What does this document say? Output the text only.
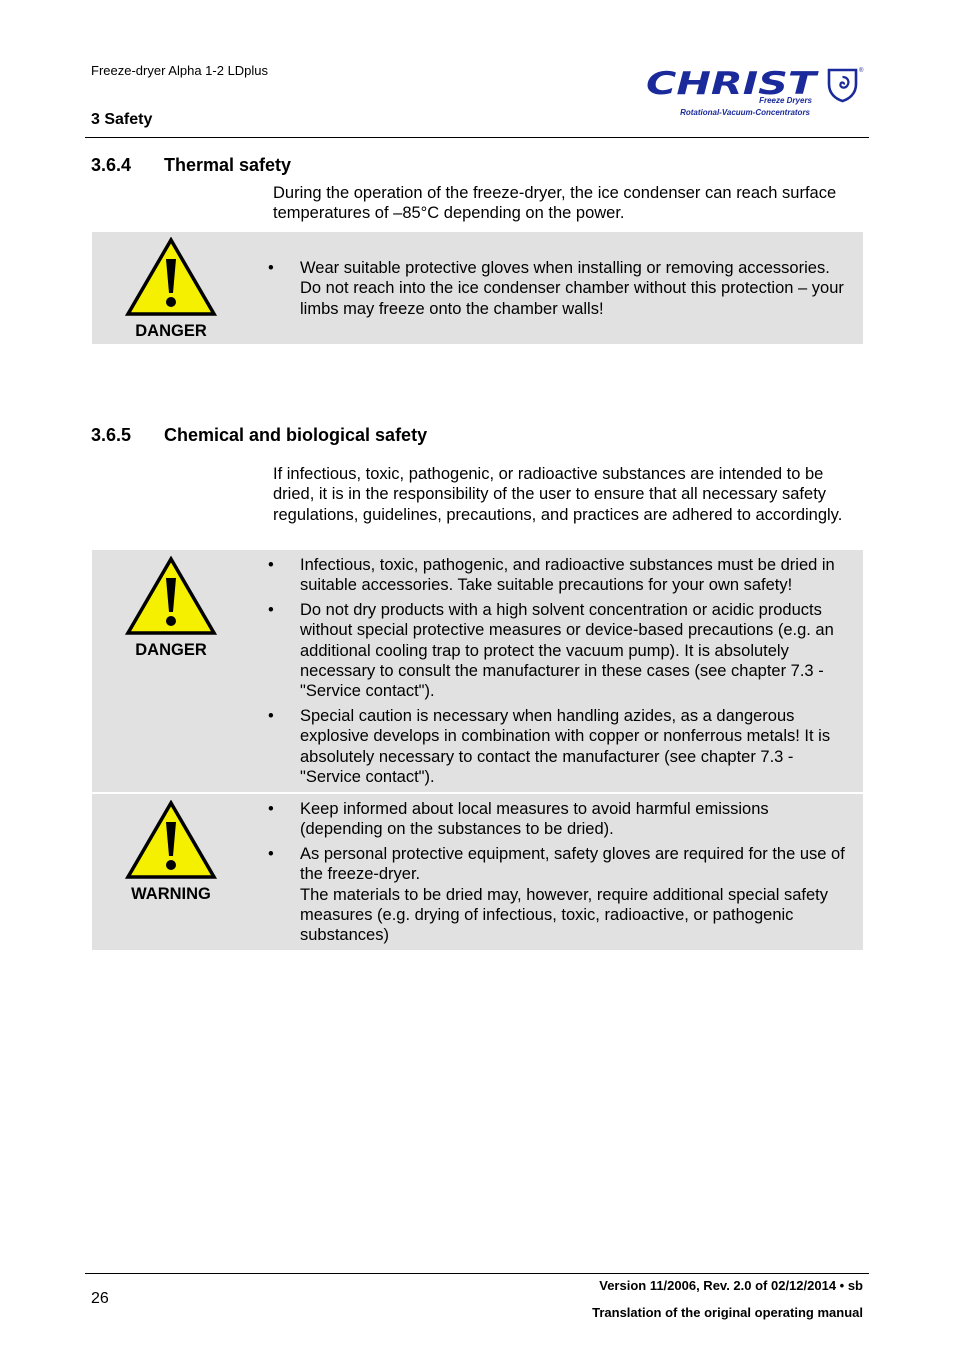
Freeze-dryer Alpha 1-2 LDplus
3 Safety
CHRIST	®
Freeze Dryers
Rotational-Vacuum-Concentrators
3.6.4 Thermal safety
During the operation of the freeze-dryer, the ice condenser can reach surface temperatures of –85°C depending on the power.
DANGER
• Wear suitable protective gloves when installing or removing accessories. Do not reach into the ice condenser chamber without this protection – your limbs may freeze onto the chamber walls!
3.6.5 Chemical and biological safety
If infectious, toxic, pathogenic, or radioactive substances are intended to be dried, it is in the responsibility of the user to ensure that all necessary safety regulations, guidelines, precautions, and practices are adhered to accordingly.
DANGER
• Infectious, toxic, pathogenic, and radioactive substances must be dried in suitable accessories. Take suitable precautions for your own safety!
• Do not dry products with a high solvent concentration or acidic products without special protective measures or device-based precautions (e.g. an additional cooling trap to protect the vacuum pump). It is absolutely necessary to consult the manufacturer in these cases (see chapter 7.3 - "Service contact").
• Special caution is necessary when handling azides, as a dangerous explosive develops in combination with copper or nonferrous metals! It is absolutely necessary to contact the manufacturer (see chapter 7.3 - "Service contact").
WARNING
• Keep informed about local measures to avoid harmful emissions (depending on the substances to be dried).
• As personal protective equipment, safety gloves are required for the use of the freeze-dryer.
The materials to be dried may, however, require additional special safety measures (e.g. drying of infectious, toxic, radioactive, or pathogenic substances)
26
Version 11/2006, Rev. 2.0 of 02/12/2014 • sb
Translation of the original operating manual
